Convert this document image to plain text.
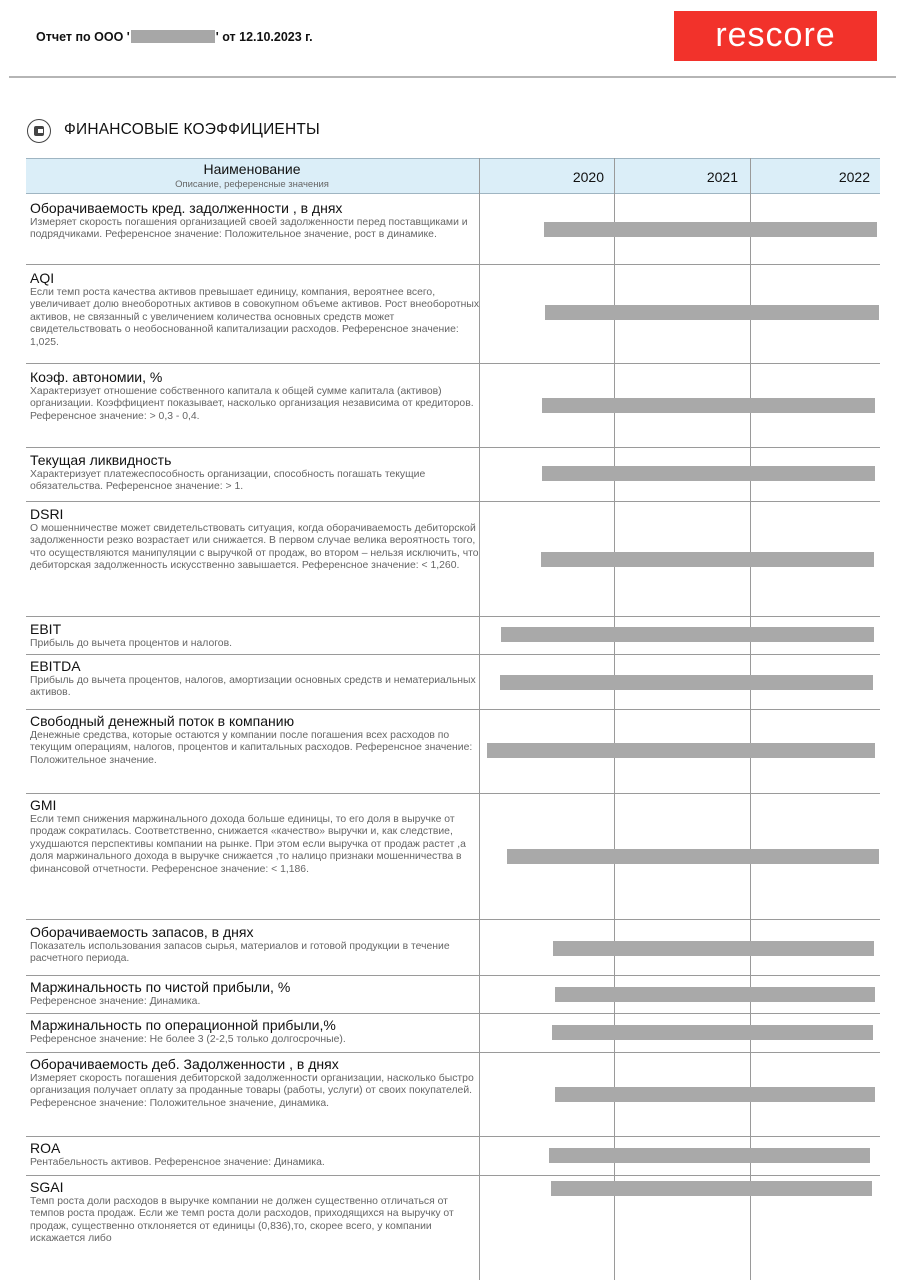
Отчет по ООО '	' от 12.10.2023 г.	rescore
ФИНАНСОВЫЕ КОЭФФИЦИЕНТЫ
Наименование
Описание, референсные значения	2020	2021	2022
Оборачиваемость кред. задолженности , в днях
Измеряет скорость погашения организацией своей задолженности перед поставщиками и подрядчиками. Референсное значение: Положительное значение, рост в динамике.
AQI
Если темп роста качества активов превышает единицу, компания, вероятнее всего, увеличивает долю внеоборотных активов в совокупном объеме активов. Рост внеоборотных активов, не связанный с увеличением количества основных средств может свидетельствовать о необоснованной капитализации расходов. Референсное значение: 1,025.
Коэф. автономии, %
Характеризует отношение собственного капитала к общей сумме капитала (активов) организации. Коэффициент показывает, насколько организация независима от кредиторов. Референсное значение: > 0,3 - 0,4.
Текущая ликвидность
Характеризует платежеспособность организации, способность погашать текущие обязательства. Референсное значение: > 1.
DSRI
О мошенничестве может свидетельствовать ситуация, когда оборачиваемость дебиторской задолженности резко возрастает или снижается. В первом случае велика вероятность того, что осуществляются манипуляции с выручкой от продаж, во втором – нельзя исключить, что дебиторская задолженность искусственно завышается. Референсное значение: < 1,260.
EBIT
Прибыль до вычета процентов и налогов.
EBITDA
Прибыль до вычета процентов, налогов, амортизации основных средств и нематериальных активов.
Свободный денежный поток в компанию
Денежные средства, которые остаются у компании после погашения всех расходов по текущим операциям, налогов, процентов и капитальных расходов. Референсное значение: Положительное значение.
GMI
Если темп снижения маржинального дохода больше единицы, то его доля в выручке от продаж сократилась. Соответственно, снижается «качество» выручки и, как следствие, ухудшаются перспективы компании на рынке. При этом если выручка от продаж растет ,а доля маржинального дохода в выручке снижается ,то налицо признаки мошенничества в финансовой отчетности. Референсное значение: < 1,186.
Оборачиваемость запасов, в днях
Показатель использования запасов сырья, материалов и готовой продукции в течение расчетного периода.
Маржинальность по чистой прибыли, %
Референсное значение: Динамика.
Маржинальность по операционной прибыли,%
Референсное значение: Не более 3 (2-2,5 только долгосрочные).
Оборачиваемость деб. Задолженности , в днях
Измеряет скорость погашения дебиторской задолженности организации, насколько быстро организация получает оплату за проданные товары (работы, услуги) от своих покупателей. Референсное значение: Положительное значение, динамика.
ROA
Рентабельность активов. Референсное значение: Динамика.
SGAI
Темп роста доли расходов в выручке компании не должен существенно отличаться от темпов роста продаж. Если же темп роста доли расходов, приходящихся на выручку от продаж, существенно отклоняется от единицы (0,836),то, скорее всего, у компании искажается либо
